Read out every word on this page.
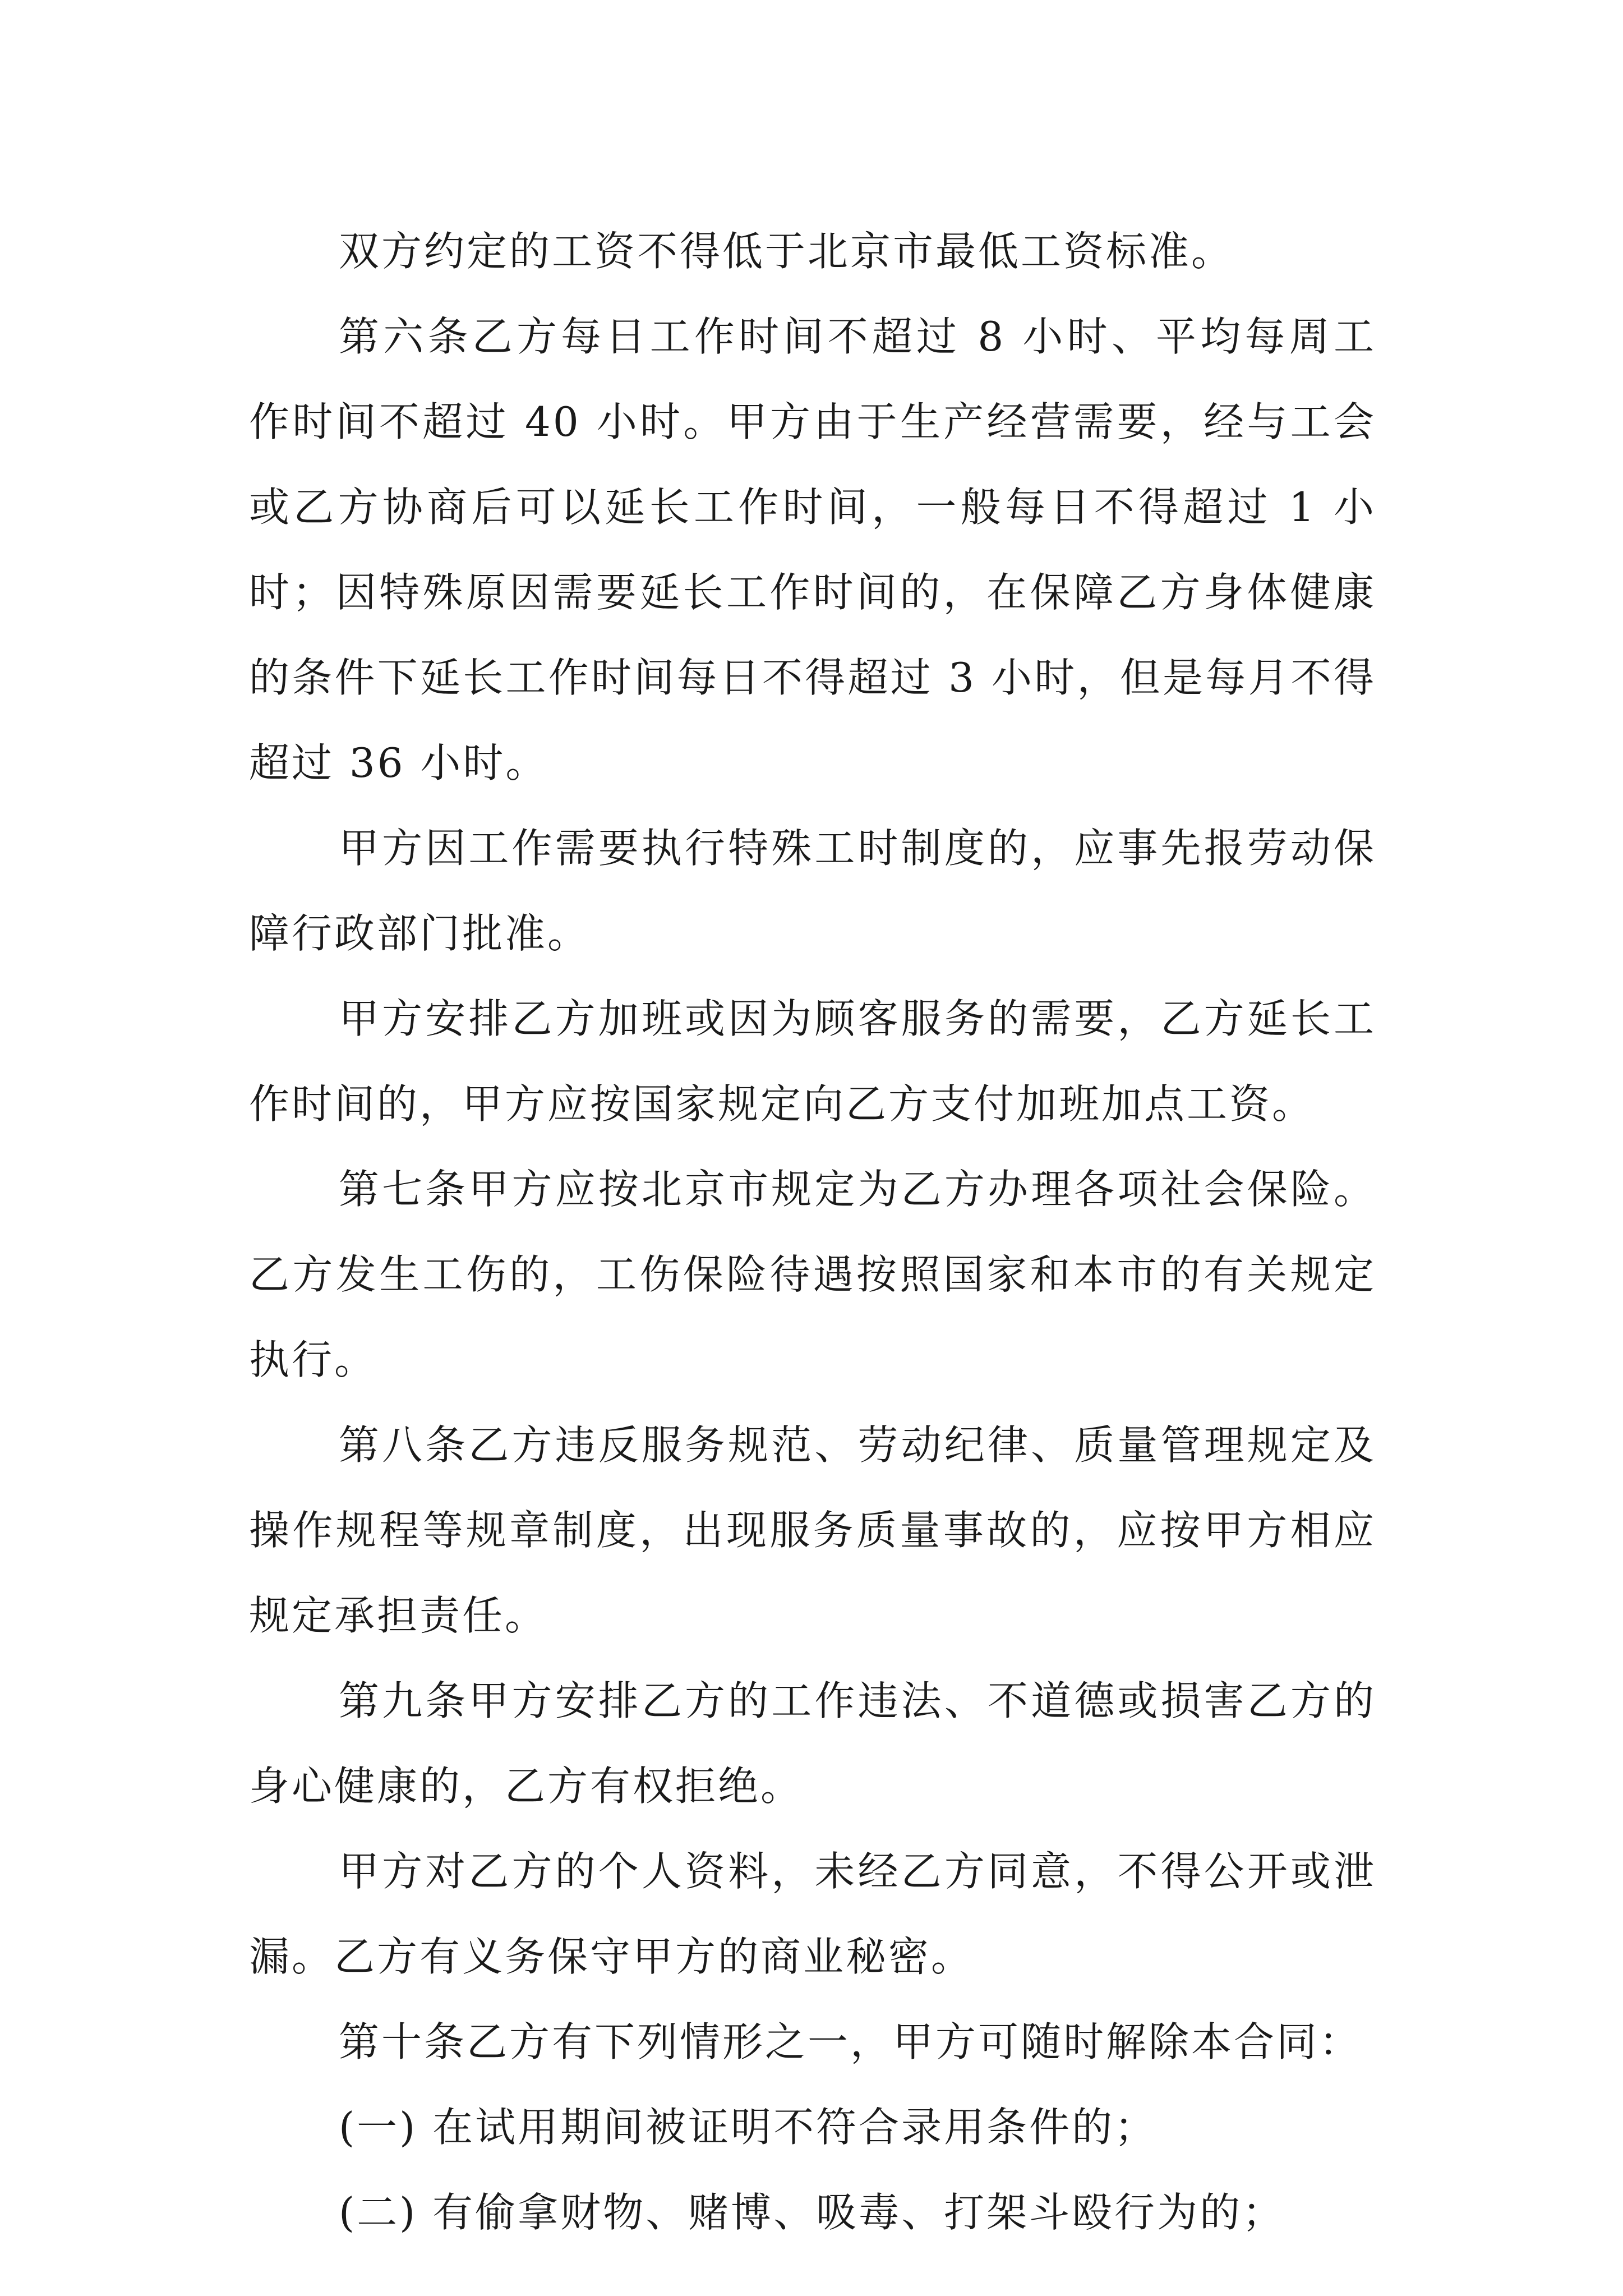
双方约定的工资不得低于北京市最低工资标准。

第六条乙方每日工作时间不超过 8 小时、平均每周工作时间不超过 40 小时。甲方由于生产经营需要，经与工会或乙方协商后可以延长工作时间，一般每日不得超过 1 小时；因特殊原因需要延长工作时间的，在保障乙方身体健康的条件下延长工作时间每日不得超过 3 小时，但是每月不得超过 36 小时。

甲方因工作需要执行特殊工时制度的，应事先报劳动保障行政部门批准。

甲方安排乙方加班或因为顾客服务的需要，乙方延长工作时间的，甲方应按国家规定向乙方支付加班加点工资。

第七条甲方应按北京市规定为乙方办理各项社会保险。乙方发生工伤的，工伤保险待遇按照国家和本市的有关规定执行。

第八条乙方违反服务规范、劳动纪律、质量管理规定及操作规程等规章制度，出现服务质量事故的，应按甲方相应规定承担责任。

第九条甲方安排乙方的工作违法、不道德或损害乙方的身心健康的，乙方有权拒绝。

甲方对乙方的个人资料，未经乙方同意，不得公开或泄漏。乙方有义务保守甲方的商业秘密。

第十条乙方有下列情形之一，甲方可随时解除本合同：

(一) 在试用期间被证明不符合录用条件的；

(二) 有偷拿财物、赌博、吸毒、打架斗殴行为的；
